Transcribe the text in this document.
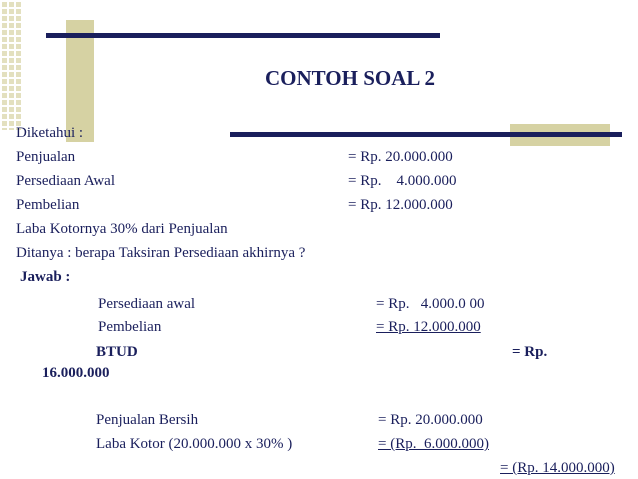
CONTOH SOAL 2
Diketahui :
Penjualan	= Rp. 20.000.000
Persediaan Awal	= Rp.    4.000.000
Pembelian	= Rp. 12.000.000
Laba Kotornya 30% dari Penjualan
Ditanya : berapa Taksiran Persediaan akhirnya ?
Jawab :
Persediaan awal	= Rp.   4.000.0 00
Pembelian	= Rp. 12.000.000
BTUD	= Rp.
16.000.000
Penjualan Bersih	= Rp. 20.000.000
Laba Kotor (20.000.000 x 30% )	= (Rp.  6.000.000)
= (Rp. 14.000.000)
